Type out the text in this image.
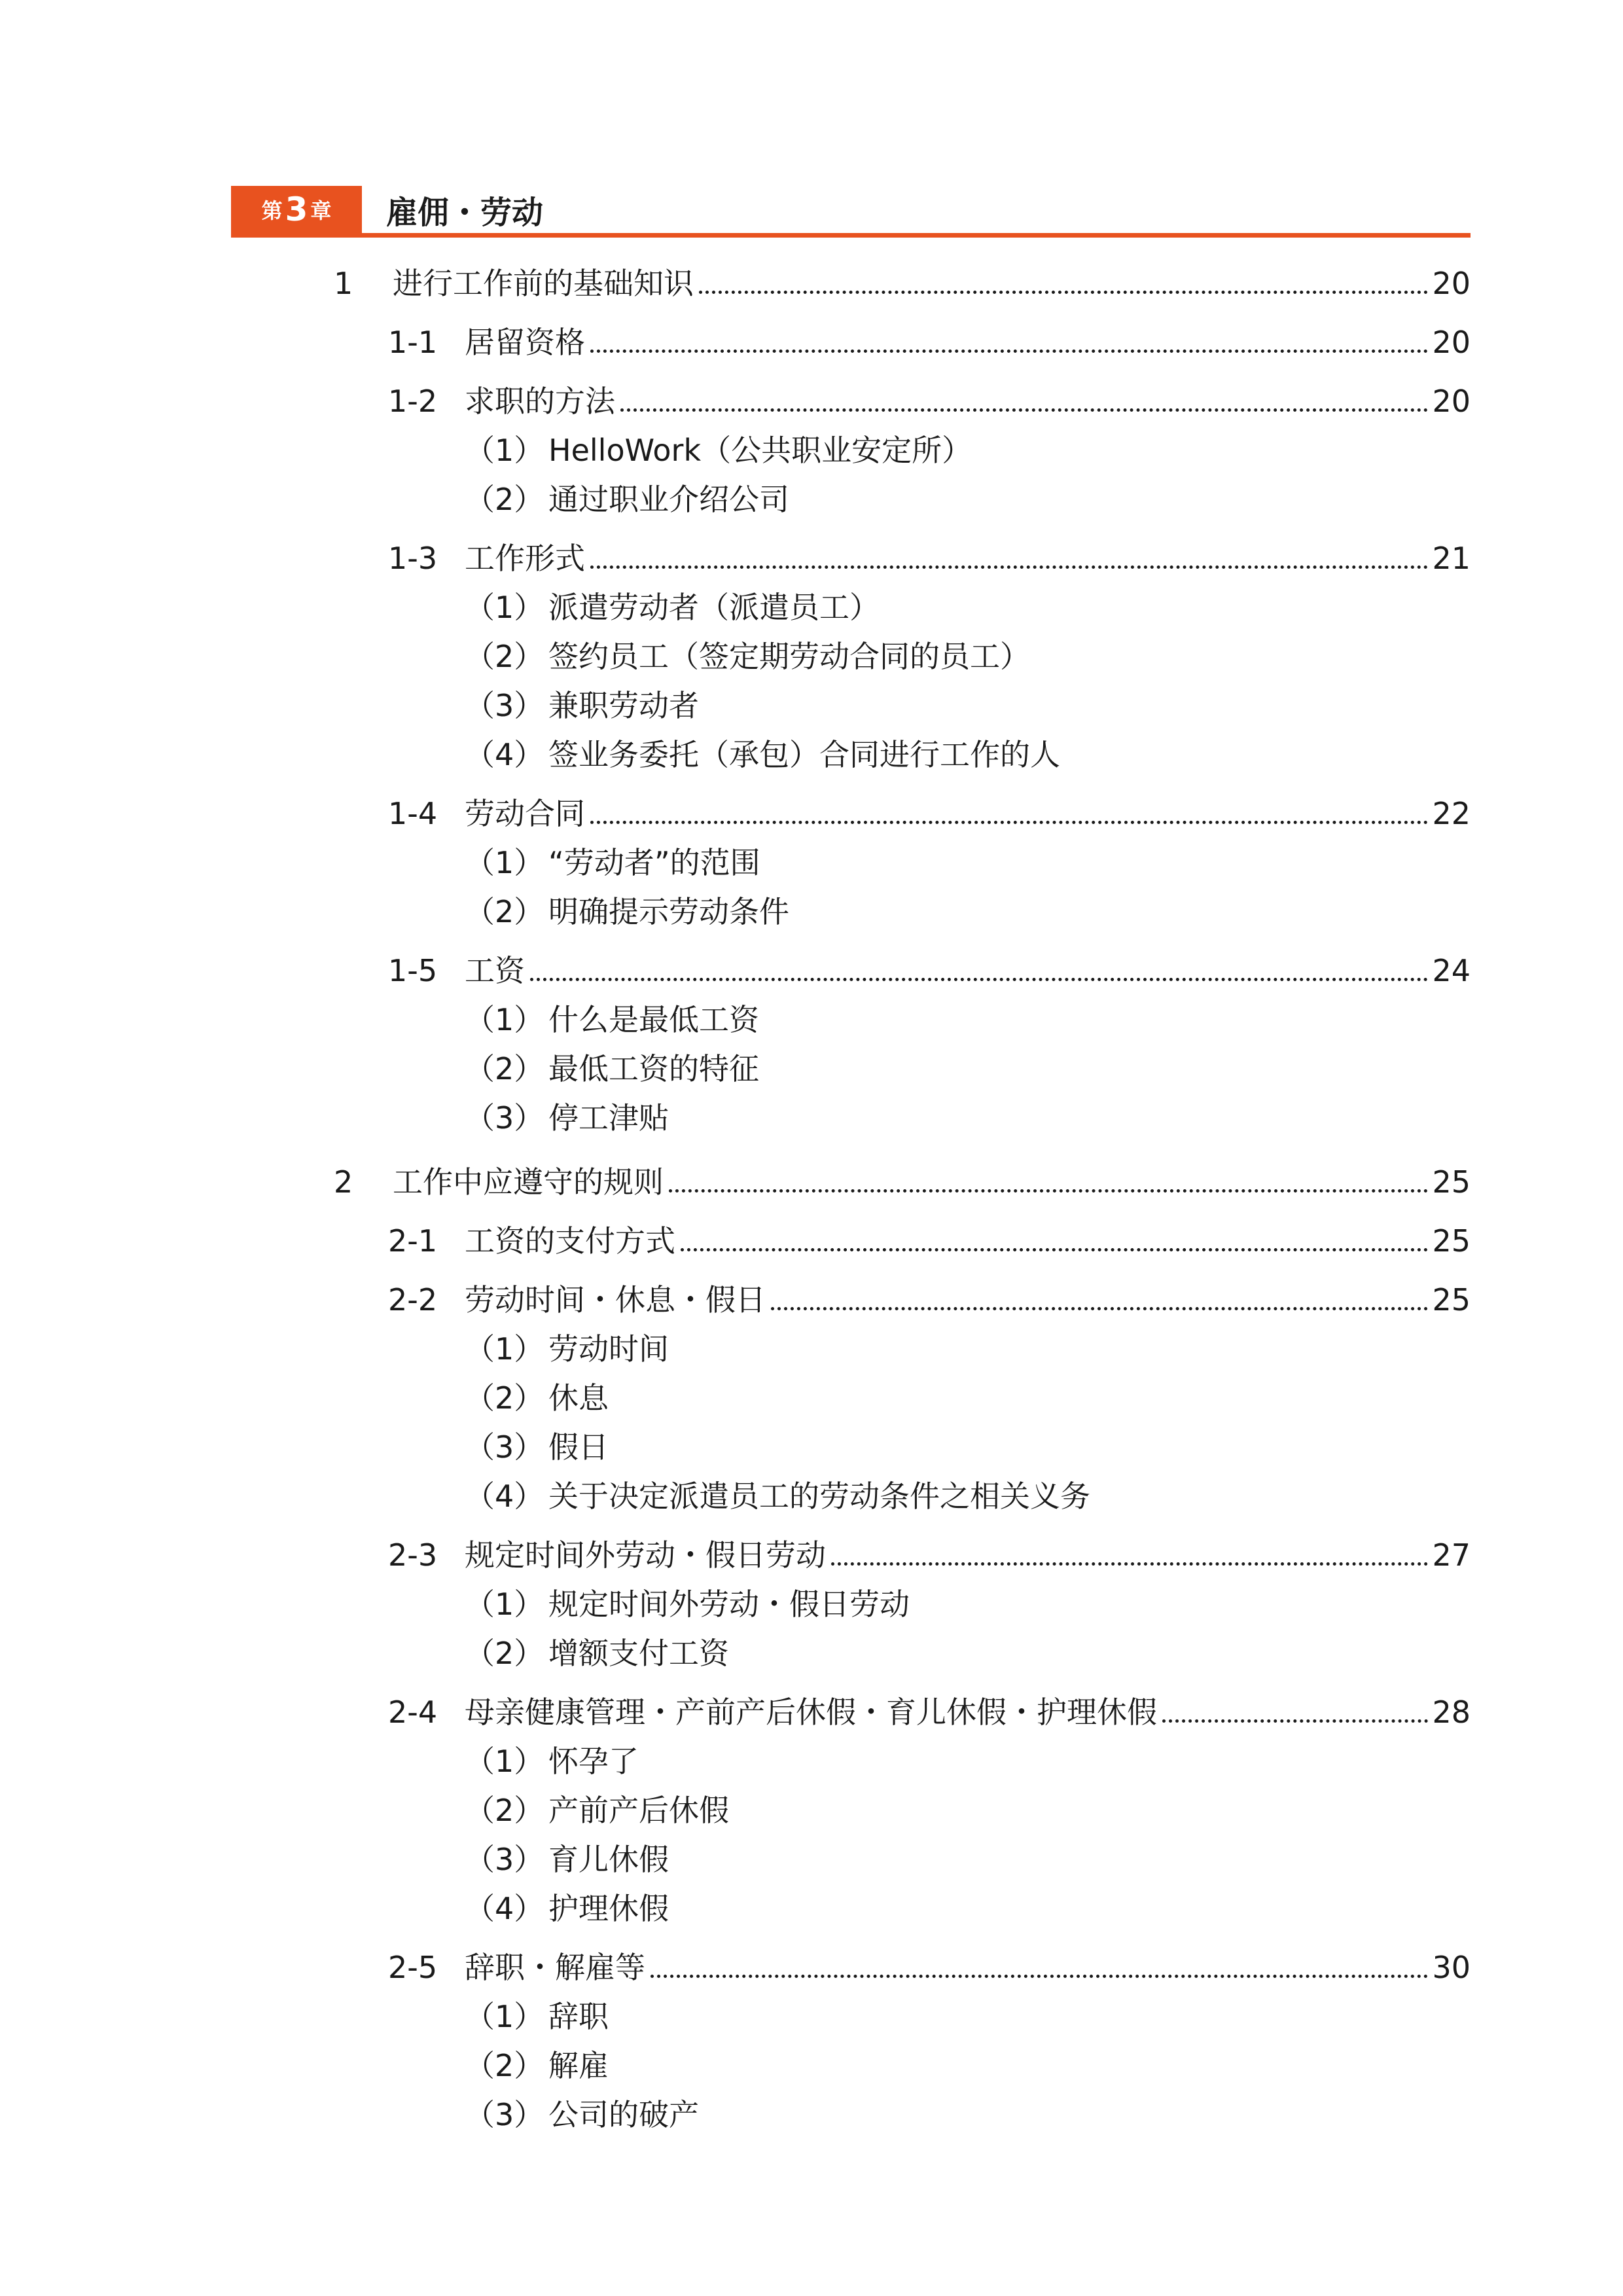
第 3 章 雇佣・劳动
1	进行工作前的基础知识	20
1-1 居留资格	20
1-2 求职的方法	20
（1） HelloWork（公共职业安定所）
（2） 通过职业介绍公司
1-3 工作形式	21
（1） 派遣劳动者（派遣员工）
（2） 签约员工（签定期劳动合同的员工）
（3） 兼职劳动者
（4） 签业务委托（承包）合同进行工作的人
1-4 劳动合同	22
（1） “劳动者”的范围
（2） 明确提示劳动条件
1-5 工资	24
（1） 什么是最低工资
（2） 最低工资的特征
（3） 停工津贴
2	工作中应遵守的规则	25
2-1 工资的支付方式	25
2-2 劳动时间・休息・假日	25
（1） 劳动时间
（2） 休息
（3） 假日
（4） 关于决定派遣员工的劳动条件之相关义务
2-3 规定时间外劳动・假日劳动	27
（1） 规定时间外劳动・假日劳动
（2） 增额支付工资
2-4 母亲健康管理・产前产后休假・育儿休假・护理休假	28
（1） 怀孕了
（2） 产前产后休假
（3） 育儿休假
（4） 护理休假
2-5 辞职・解雇等	30
（1） 辞职
（2） 解雇
（3） 公司的破产
